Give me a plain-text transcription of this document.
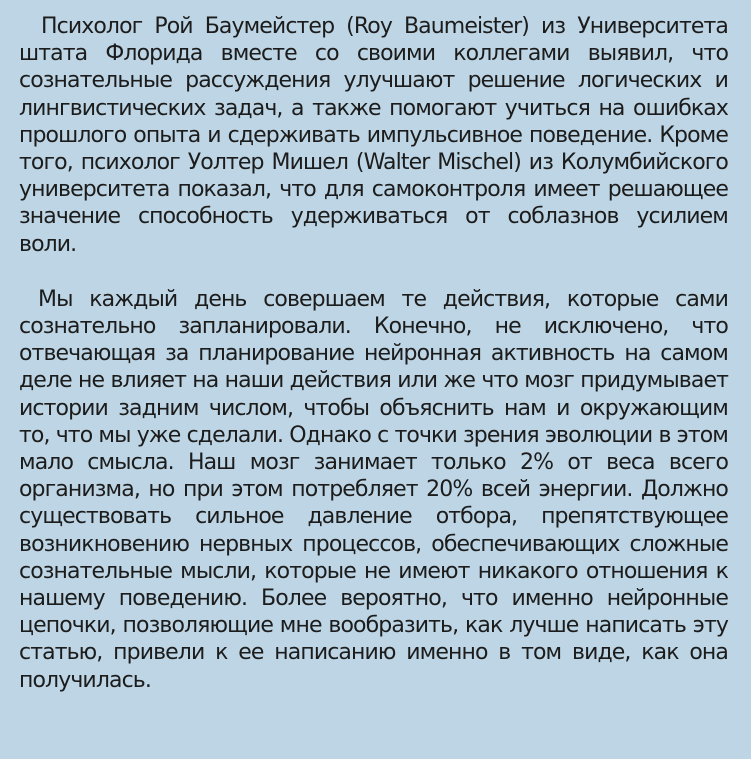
Психолог Рой Баумейстер (Roy Baumeister) из Университета штата Флорида вместе со своими коллегами выявил, что сознательные рассуждения улучшают решение логических и лингвистических задач, а также помогают учиться на ошибках прошлого опыта и сдерживать импульсивное поведение. Кроме того, психолог Уолтер Мишел (Walter Mischel) из Колумбийского университета показал, что для самоконтроля имеет решающее значение способность удерживаться от соблазнов усилием воли.

Мы каждый день совершаем те действия, которые сами сознательно запланировали. Конечно, не исключено, что отвечающая за планирование нейронная активность на самом деле не влияет на наши действия или же что мозг придумывает истории задним числом, чтобы объяснить нам и окружающим то, что мы уже сделали. Однако с точки зрения эволюции в этом мало смысла. Наш мозг занимает только 2% от веса всего организма, но при этом потребляет 20% всей энергии. Должно существовать сильное давление отбора, препятствующее возникновению нервных процессов, обеспечивающих сложные сознательные мысли, которые не имеют никакого отношения к нашему поведению. Более вероятно, что именно нейронные цепочки, позволяющие мне вообразить, как лучше написать эту статью, привели к ее написанию именно в том виде, как она получилась.
